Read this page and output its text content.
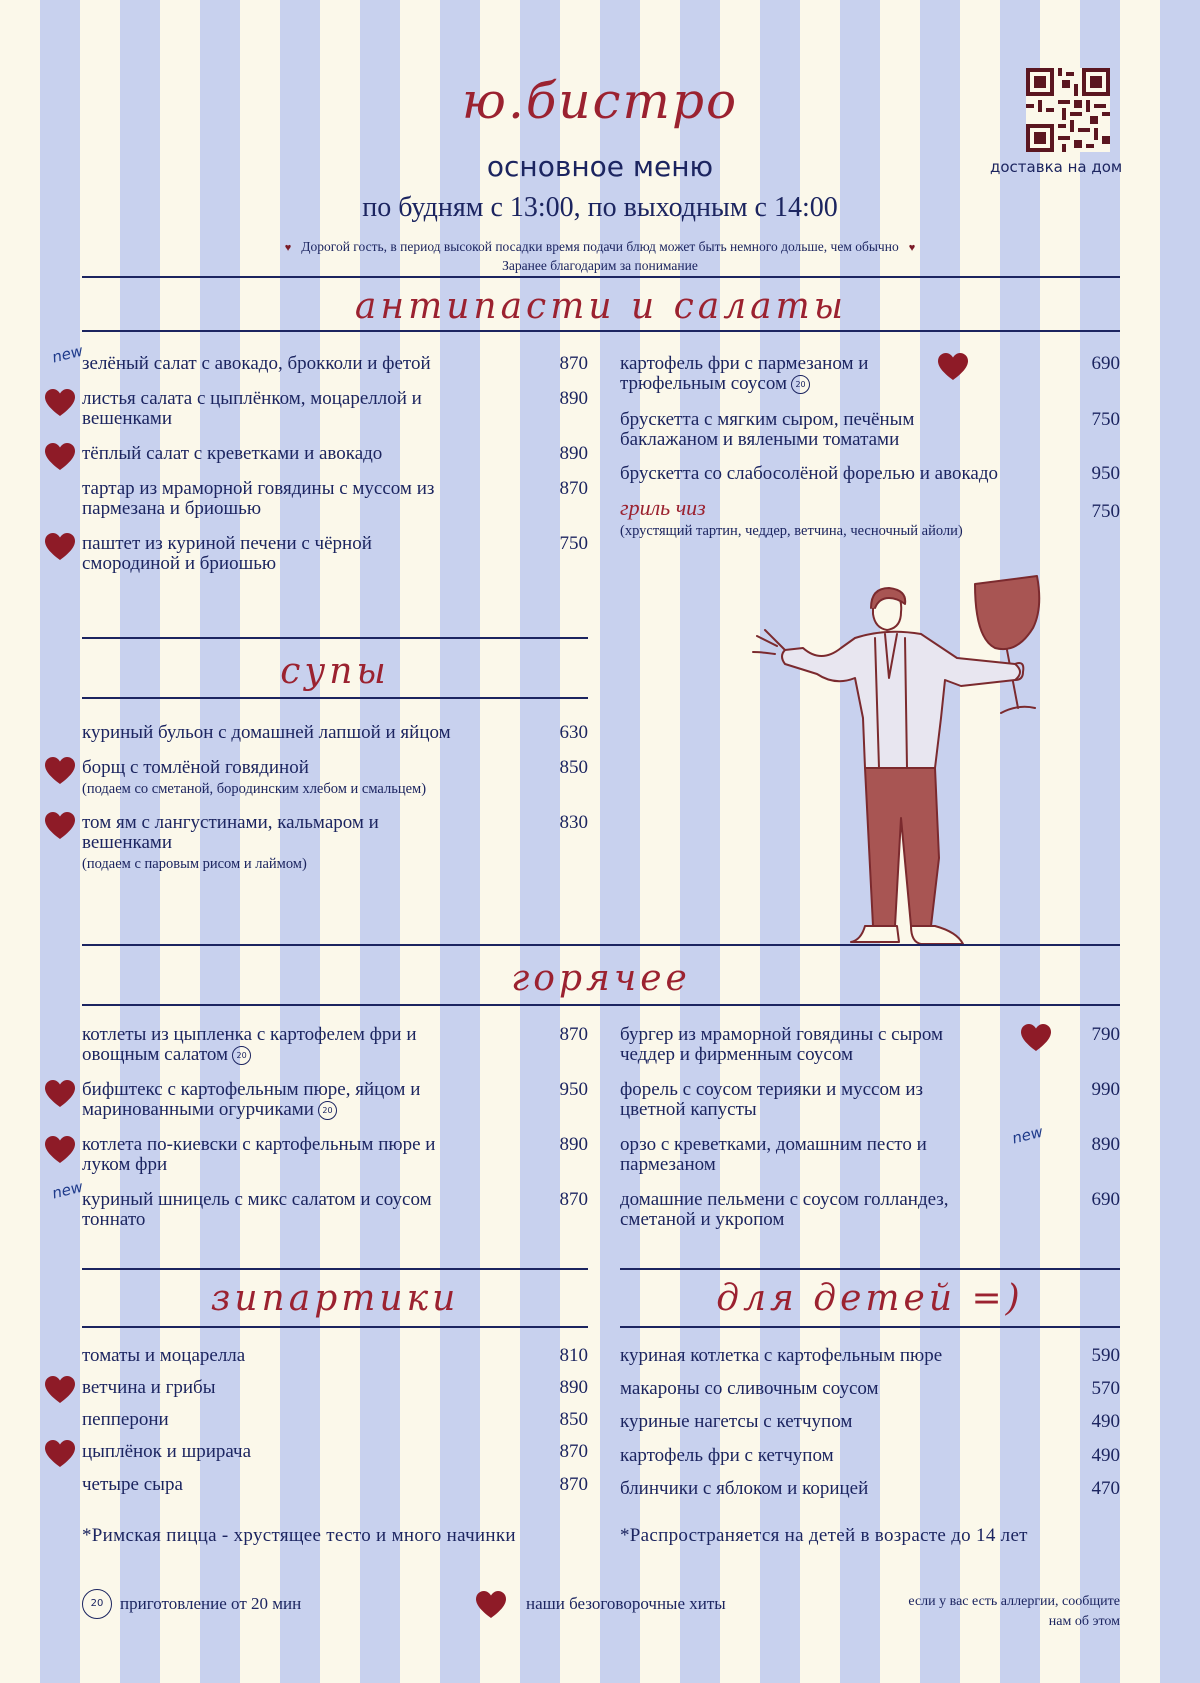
ю.бистро
основное меню
по будням с 13:00, по выходным с 14:00
♥ Дорогой гость, в период высокой посадки время подачи блюд может быть немного дольше, чем обычно ♥
Заранее благодарим за понимание
доставка на дом
антипасти и салаты
new
зелёный салат с авокадо, брокколи и фетой	870
листья салата с цыплёнком, моцареллой и
вешенками
890
тёплый салат с креветками и авокадо	890
тартар из мраморной говядины с муссом из
пармезана и бриошью
870
паштет из куриной печени с чёрной
смородиной и бриошью
750
картофель фри с пармезаном и
трюфельным соусом 20
690
брускетта с мягким сыром, печёным
баклажаном и вялеными томатами
750
брускетта со слабосолёной форелью и авокадо	950
гриль чиз
(хрустящий тартин, чеддер, ветчина, чесночный айоли)
750
супы
куриный бульон с домашней лапшой и яйцом	630
борщ с томлёной говядиной
(подаем со сметаной, бородинским хлебом и смальцем)
850
том ям с лангустинами, кальмаром и
вешенками
(подаем с паровым рисом и лаймом)
830
горячее
котлеты из цыпленка с картофелем фри и
овощным салатом 20
870
бифштекс с картофельным пюре, яйцом и
маринованными огурчиками 20
950
котлета по-киевски с картофельным пюре и
луком фри
890
new
куриный шницель с микс салатом и соусом
тоннато
870
бургер из мраморной говядины с сыром
чеддер и фирменным соусом
790
форель с соусом терияки и муссом из
цветной капусты
990
орзо с креветками, домашним песто и
пармезаном
890
new
домашние пельмени с соусом голландез,
сметаной и укропом
690
зипартики
томаты и моцарелла	810
ветчина и грибы	890
пепперони	850
цыплёнок и шрирача	870
четыре сыра	870
*Римская пицца - хрустящее тесто и много начинки
для детей =)
куриная котлетка с картофельным пюре	590
макароны со сливочным соусом	570
куриные нагетсы с кетчупом	490
картофель фри с кетчупом	490
блинчики с яблоком и корицей	470
*Распространяется на детей в возрасте до 14 лет
20 приготовление от 20 мин	наши безоговорочные хиты	если у вас есть аллергии, сообщите
нам об этом
